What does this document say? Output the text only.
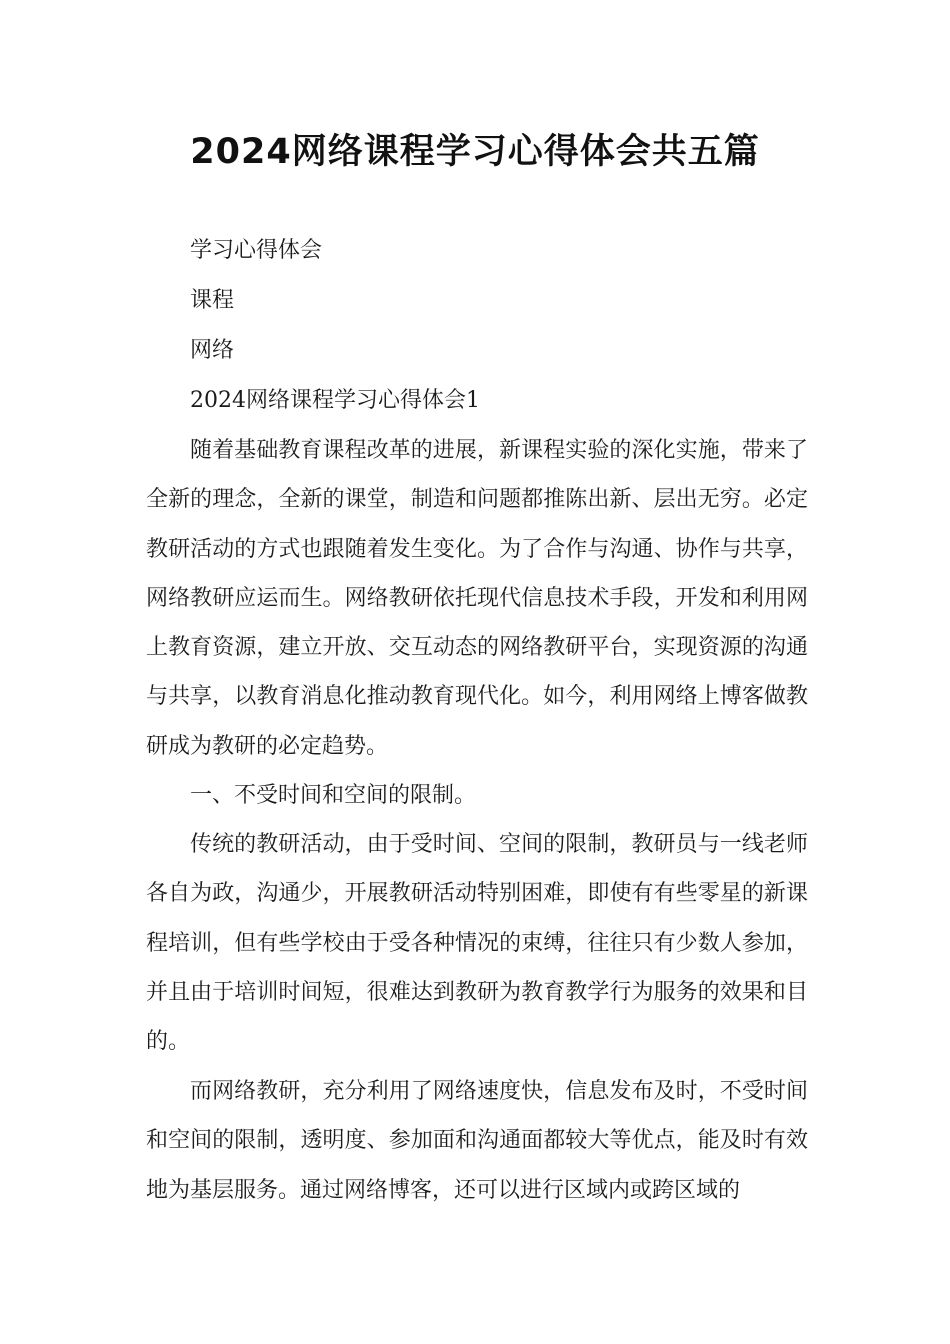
2024网络课程学习心得体会共五篇

学习心得体会

课程

网络

2024网络课程学习心得体会1

随着基础教育课程改革的进展，新课程实验的深化实施，带来了全新的理念，全新的课堂，制造和问题都推陈出新、层出无穷。必定教研活动的方式也跟随着发生变化。为了合作与沟通、协作与共享，网络教研应运而生。网络教研依托现代信息技术手段，开发和利用网上教育资源，建立开放、交互动态的网络教研平台，实现资源的沟通与共享，以教育消息化推动教育现代化。如今，利用网络上博客做教研成为教研的必定趋势。

一、不受时间和空间的限制。

传统的教研活动，由于受时间、空间的限制，教研员与一线老师各自为政，沟通少，开展教研活动特别困难，即使有有些零星的新课程培训，但有些学校由于受各种情况的束缚，往往只有少数人参加，并且由于培训时间短，很难达到教研为教育教学行为服务的效果和目的。

而网络教研，充分利用了网络速度快，信息发布及时，不受时间和空间的限制，透明度、参加面和沟通面都较大等优点，能及时有效地为基层服务。通过网络博客，还可以进行区域内或跨区域的
